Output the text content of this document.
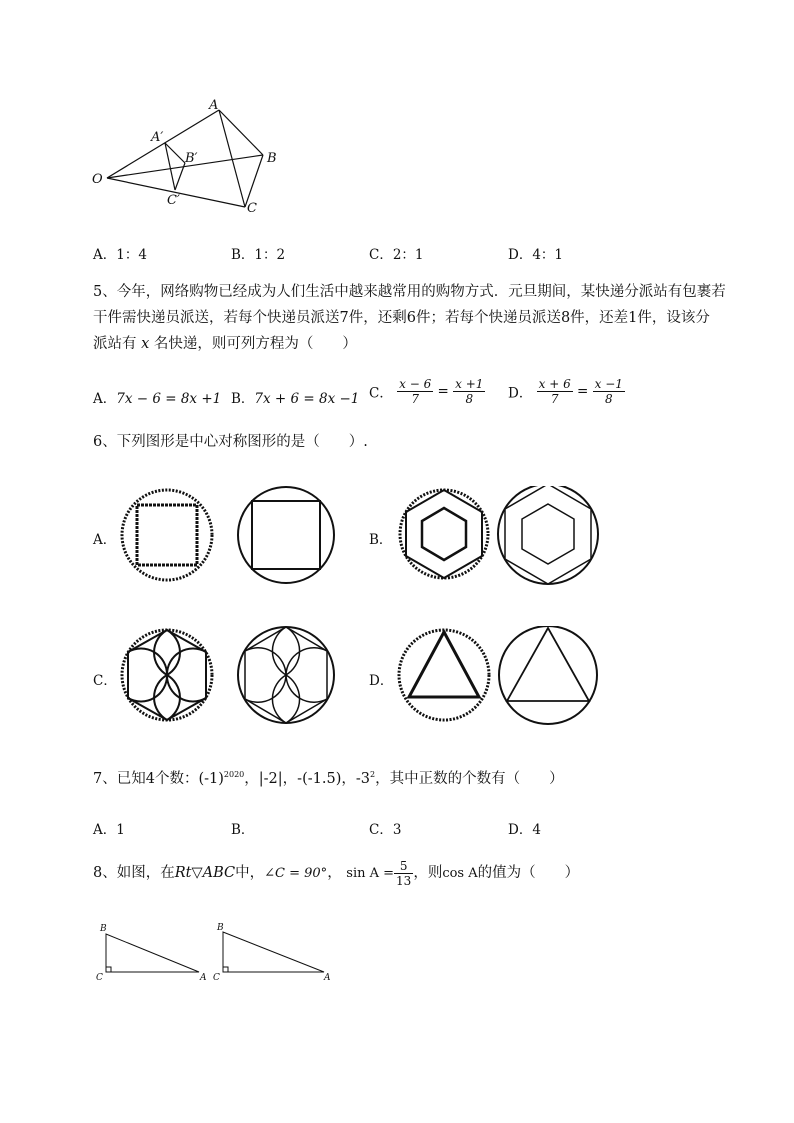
A
A′
B′	B
O
C′
C
A．1：4	B．1：2	C．2：1	D．4：1
5、今年，网络购物已经成为人们生活中越来越常用的购物方式．元旦期间，某快递分派站有包裹若
干件需快递员派送，若每个快递员派送7件，还剩6件；若每个快递员派送8件，还差1件，设该分
派站有 x 名快递，则可列方程为（　　）
A．7x − 6 = 8x +1 B．7x + 6 = 8x −1 C． $\frac{x - 6}{7} = \frac{x +1}{8}$ D． $\frac{x + 6}{7} = \frac{x -1}{8}$
6、下列图形是中心对称图形的是（　　）.
A．	B．
C．	D．
7、已知4个数：$(-1)^{2020}$，|-2|，-(-1.5)，$-3^2$，其中正数的个数有（　　）
A．1	B．	C．3	D．4
8、如图，在Rt▽ABC中，∠C = 90°， $\sin A = \frac{5}{13}$ ，则cos A的值为（　　）
B
C	A
B
C	A
